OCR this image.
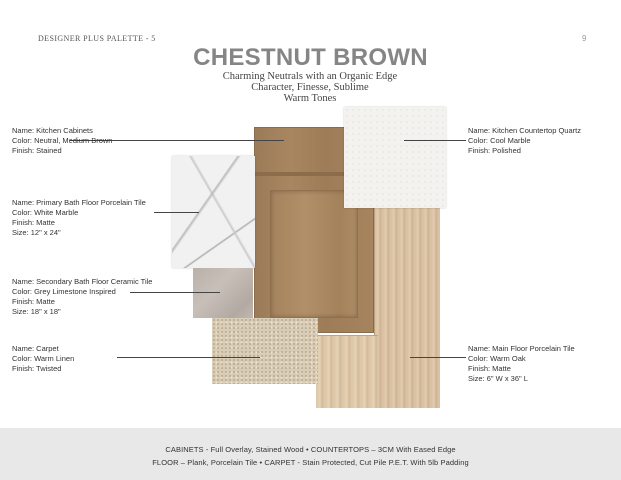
DESIGNER PLUS PALETTE - 5	9
CHESTNUT BROWN
Charming Neutrals with an Organic Edge
Character, Finesse, Sublime
Warm Tones
Name: Kitchen Cabinets
Color: Neutral, Medium Brown
Finish: Stained
Name: Primary Bath Floor Porcelain Tile
Color: White Marble
Finish: Matte
Size: 12" x 24"
Name: Secondary Bath Floor Ceramic Tile
Color: Grey Limestone Inspired
Finish: Matte
Size: 18" x 18"
Name: Carpet
Color: Warm Linen
Finish: Twisted
Name: Kitchen Countertop Quartz
Color: Cool Marble
Finish: Polished
Name: Main Floor Porcelain Tile
Color: Warm Oak
Finish: Matte
Size: 6" W x 36" L
CABINETS - Full Overlay, Stained Wood • COUNTERTOPS – 3CM With Eased Edge
FLOOR – Plank, Porcelain Tile • CARPET - Stain Protected, Cut Pile P.E.T. With 5lb Padding
